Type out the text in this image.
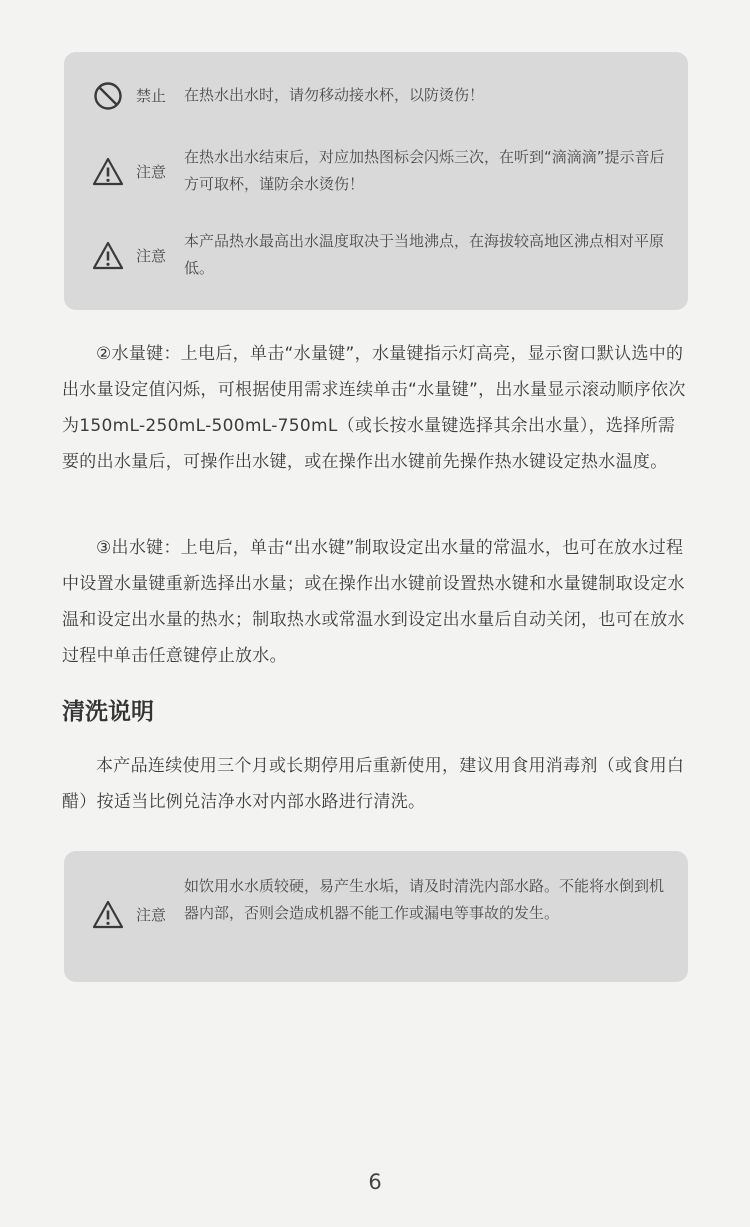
禁止 在热水出水时，请勿移动接水杯，以防烫伤！
注意
在热水出水结束后，对应加热图标会闪烁三次，在听到“滴滴滴”提示音后方可取杯，谨防余水烫伤！
注意
本产品热水最高出水温度取决于当地沸点，在海拔较高地区沸点相对平原低。

②水量键：上电后，单击“水量键”，水量键指示灯高亮，显示窗口默认选中的出水量设定值闪烁，可根据使用需求连续单击“水量键”，出水量显示滚动顺序依次为150mL-250mL-500mL-750mL（或长按水量键选择其余出水量），选择所需要的出水量后，可操作出水键，或在操作出水键前先操作热水键设定热水温度。

③出水键：上电后，单击“出水键”制取设定出水量的常温水，也可在放水过程中设置水量键重新选择出水量；或在操作出水键前设置热水键和水量键制取设定水温和设定出水量的热水；制取热水或常温水到设定出水量后自动关闭，也可在放水过程中单击任意键停止放水。

清洗说明

本产品连续使用三个月或长期停用后重新使用，建议用食用消毒剂（或食用白醋）按适当比例兑洁净水对内部水路进行清洗。

注意
如饮用水水质较硬，易产生水垢，请及时清洗内部水路。不能将水倒到机器内部，否则会造成机器不能工作或漏电等事故的发生。
6
